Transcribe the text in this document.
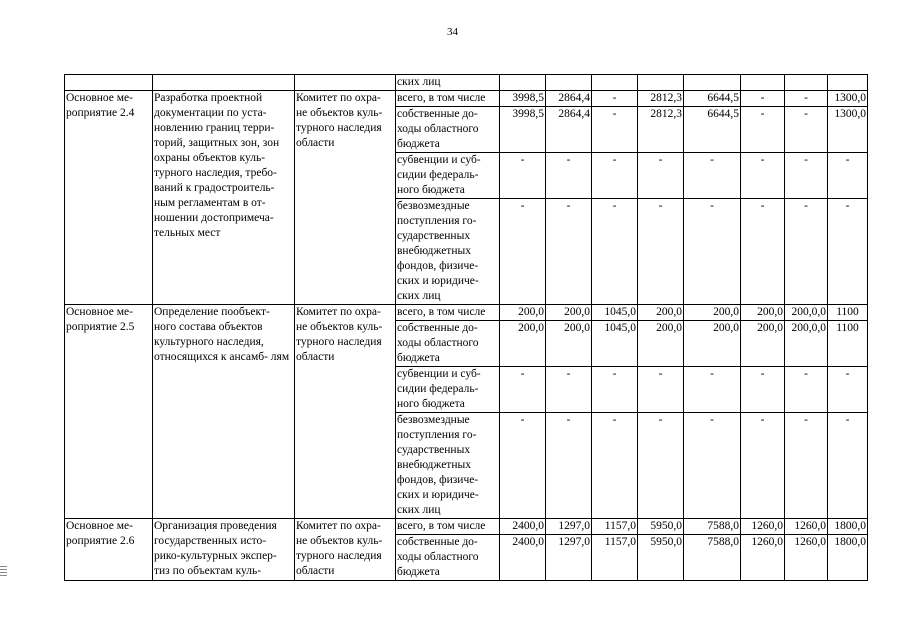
34
			ских лиц								
Основное ме- роприятие 2.4	Разработка проектной документации по уста- новлению границ терри- торий, защитных зон, зон охраны объектов куль- турного наследия, требо- ваний к градостроитель- ным регламентам в от- ношении достопримеча- тельных мест	Комитет по охра- не объектов куль- турного наследия области	всего, в том числе	3998,5	2864,4	-	2812,3	6644,5	-	-	1300,0
			собственные до- ходы областного бюджета	3998,5	2864,4	-	2812,3	6644,5	-	-	1300,0
			субвенции и суб- сидии федераль- ного бюджета	-	-	-	-	-	-	-	-
			безвозмездные поступления го- сударственных внебюджетных фондов, физиче- ских и юридиче- ских лиц	-	-	-	-	-	-	-	-
Основное ме- роприятие 2.5	Определение пообъект- ного состава объектов культурного наследия, относящихся к ансамб- лям	Комитет по охра- не объектов куль- турного наследия области	всего, в том числе	200,0	200,0	1045,0	200,0	200,0	200,0	200,0,0	1100
			собственные до- ходы областного бюджета	200,0	200,0	1045,0	200,0	200,0	200,0	200,0,0	1100
			субвенции и суб- сидии федераль- ного бюджета	-	-	-	-	-	-	-	-
			безвозмездные поступления го- сударственных внебюджетных фондов, физиче- ских и юридиче- ских лиц	-	-	-	-	-	-	-	-
Основное ме- роприятие 2.6	Организация проведения государственных исто- рико-культурных экспер- тиз по объектам куль-	Комитет по охра- не объектов куль- турного наследия области	всего, в том числе	2400,0	1297,0	1157,0	5950,0	7588,0	1260,0	1260,0	1800,0
			собственные до- ходы областного бюджета	2400,0	1297,0	1157,0	5950,0	7588,0	1260,0	1260,0	1800,0
